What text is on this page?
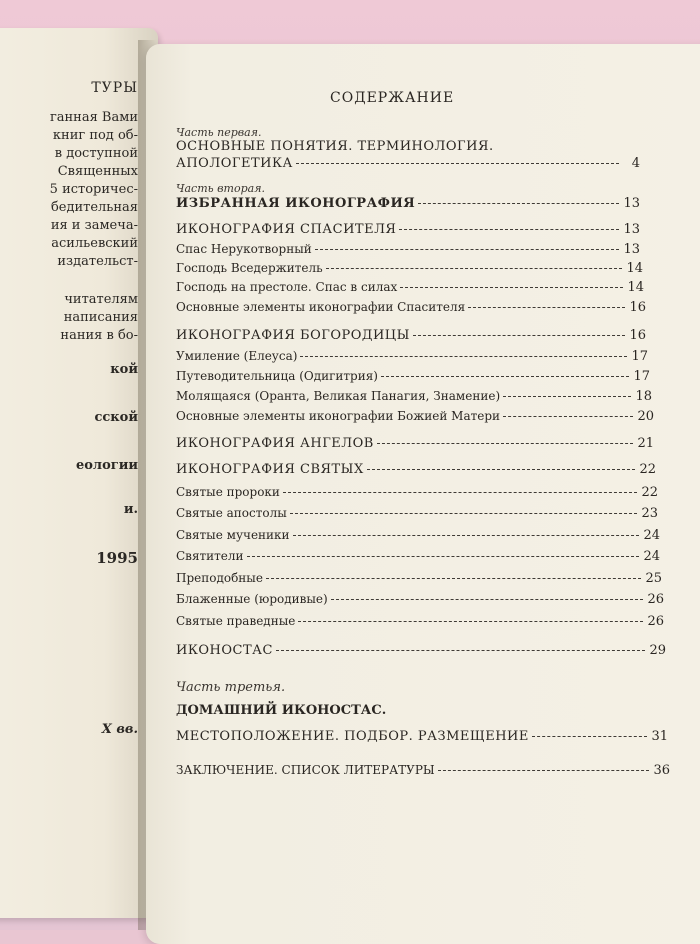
ТУРЫ
ганная Вами
книг под об-
в доступной
Священных
5 историчес-
бедительная
ия и замеча-
асильевский
издательст-
читателям
написания
нания в бо-
кой
сской
еологии
и.
1995
X вв.
СОДЕРЖАНИЕ
Часть первая.
ОСНОВНЫЕ ПОНЯТИЯ. ТЕРМИНОЛОГИЯ.
АПОЛОГЕТИКА	4
Часть вторая.
ИЗБРАННАЯ ИКОНОГРАФИЯ	13
ИКОНОГРАФИЯ СПАСИТЕЛЯ	13
Спас Нерукотворный	13
Господь Вседержитель	14
Господь на престоле. Спас в силах	14
Основные элементы иконографии Спасителя	16
ИКОНОГРАФИЯ БОГОРОДИЦЫ	16
Умиление (Елеуса)	17
Путеводительница (Одигитрия)	17
Молящаяся (Оранта, Великая Панагия, Знамение)	18
Основные элементы иконографии Божией Матери	20
ИКОНОГРАФИЯ АНГЕЛОВ	21
ИКОНОГРАФИЯ СВЯТЫХ	22
Святые пророки	22
Святые апостолы	23
Святые мученики	24
Святители	24
Преподобные	25
Блаженные (юродивые)	26
Святые праведные	26
ИКОНОСТАС	29
Часть третья.
ДОМАШНИЙ ИКОНОСТАС.
МЕСТОПОЛОЖЕНИЕ. ПОДБОР. РАЗМЕЩЕНИЕ	31
ЗАКЛЮЧЕНИЕ. СПИСОК ЛИТЕРАТУРЫ	36
